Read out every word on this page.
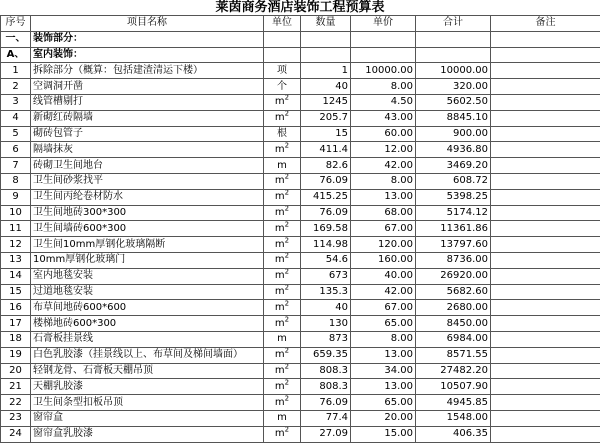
莱茵商务酒店装饰工程预算表
序号	项目名称	单位	数量	单价	合计	备注
一、	装饰部分：					
A、	室内装饰：					
1	拆除部分（概算：包括建渣清运下楼）	项	1	10000.00	10000.00	
2	空调洞开凿	个	40	8.00	320.00	
3	线管槽剔打	$m^2$	1245	4.50	5602.50	
4	新砌红砖隔墙	$m^2$	205.7	43.00	8845.10	
5	砌砖包管子	根	15	60.00	900.00	
6	隔墙抹灰	$m^2$	411.4	12.00	4936.80	
7	砖砌卫生间地台	m	82.6	42.00	3469.20	
8	卫生间砂浆找平	$m^2$	76.09	8.00	608.72	
9	卫生间丙纶卷材防水	$m^2$	415.25	13.00	5398.25	
10	卫生间地砖300*300	$m^2$	76.09	68.00	5174.12	
11	卫生间墙砖600*300	$m^2$	169.58	67.00	11361.86	
12	卫生间10mm厚钢化玻璃隔断	$m^2$	114.98	120.00	13797.60	
13	10mm厚钢化玻璃门	$m^2$	54.6	160.00	8736.00	
14	室内地毯安装	$m^2$	673	40.00	26920.00	
15	过道地毯安装	$m^2$	135.3	42.00	5682.60	
16	布草间地砖600*600	$m^2$	40	67.00	2680.00	
17	楼梯地砖600*300	$m^2$	130	65.00	8450.00	
18	石膏板挂景线	m	873	8.00	6984.00	
19	白色乳胶漆（挂景线以上、布草间及梯间墙面）	$m^2$	659.35	13.00	8571.55	
20	轻钢龙骨、石膏板天棚吊顶	$m^2$	808.3	34.00	27482.20	
21	天棚乳胶漆	$m^2$	808.3	13.00	10507.90	
22	卫生间条型扣板吊顶	$m^2$	76.09	65.00	4945.85	
23	窗帘盒	m	77.4	20.00	1548.00	
24	窗帘盒乳胶漆	$m^2$	27.09	15.00	406.35	
